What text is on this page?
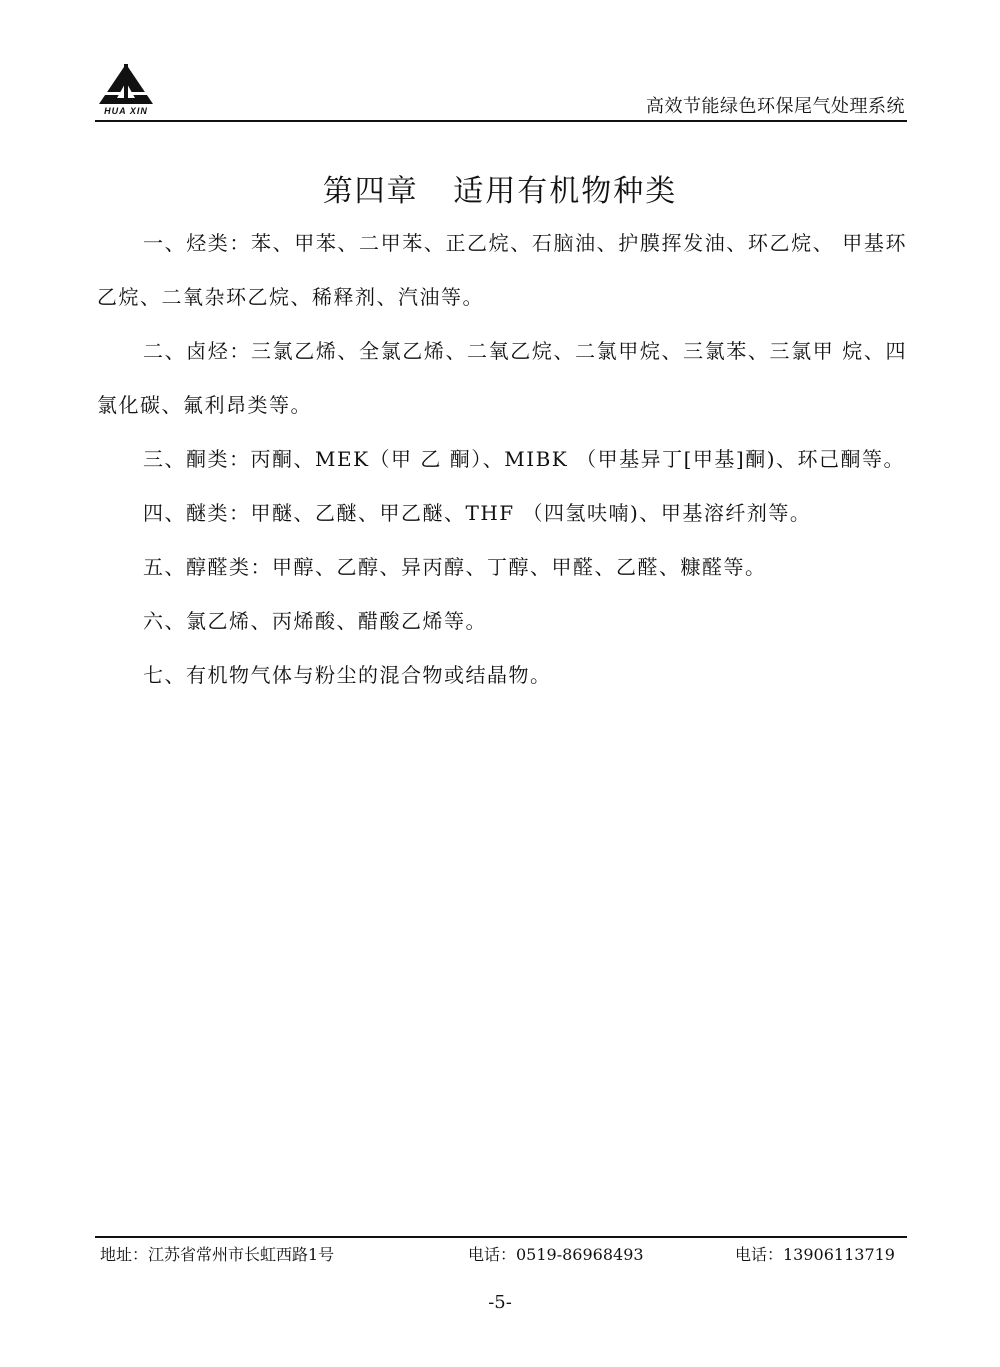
HUA XIN	高效节能绿色环保尾气处理系统
第四章   适用有机物种类

一、烃类：苯、甲苯、二甲苯、正乙烷、石脑油、护膜挥发油、环乙烷、 甲基环乙烷、二氧杂环乙烷、稀释剂、汽油等。

二、卤烃：三氯乙烯、全氯乙烯、二氧乙烷、二氯甲烷、三氯苯、三氯甲 烷、四氯化碳、氟利昂类等。

三、酮类：丙酮、MEK（甲 乙 酮）、MIBK （甲基异丁[甲基]酮)、环己酮等。

四、醚类：甲醚、乙醚、甲乙醚、THF （四氢呋喃)、甲基溶纤剂等。

五、醇醛类：甲醇、乙醇、异丙醇、丁醇、甲醛、乙醛、糠醛等。

六、氯乙烯、丙烯酸、醋酸乙烯等。

七、有机物气体与粉尘的混合物或结晶物。

地址：江苏省常州市长虹西路1号	电话：0519-86968493	电话：13906113719
-5-
